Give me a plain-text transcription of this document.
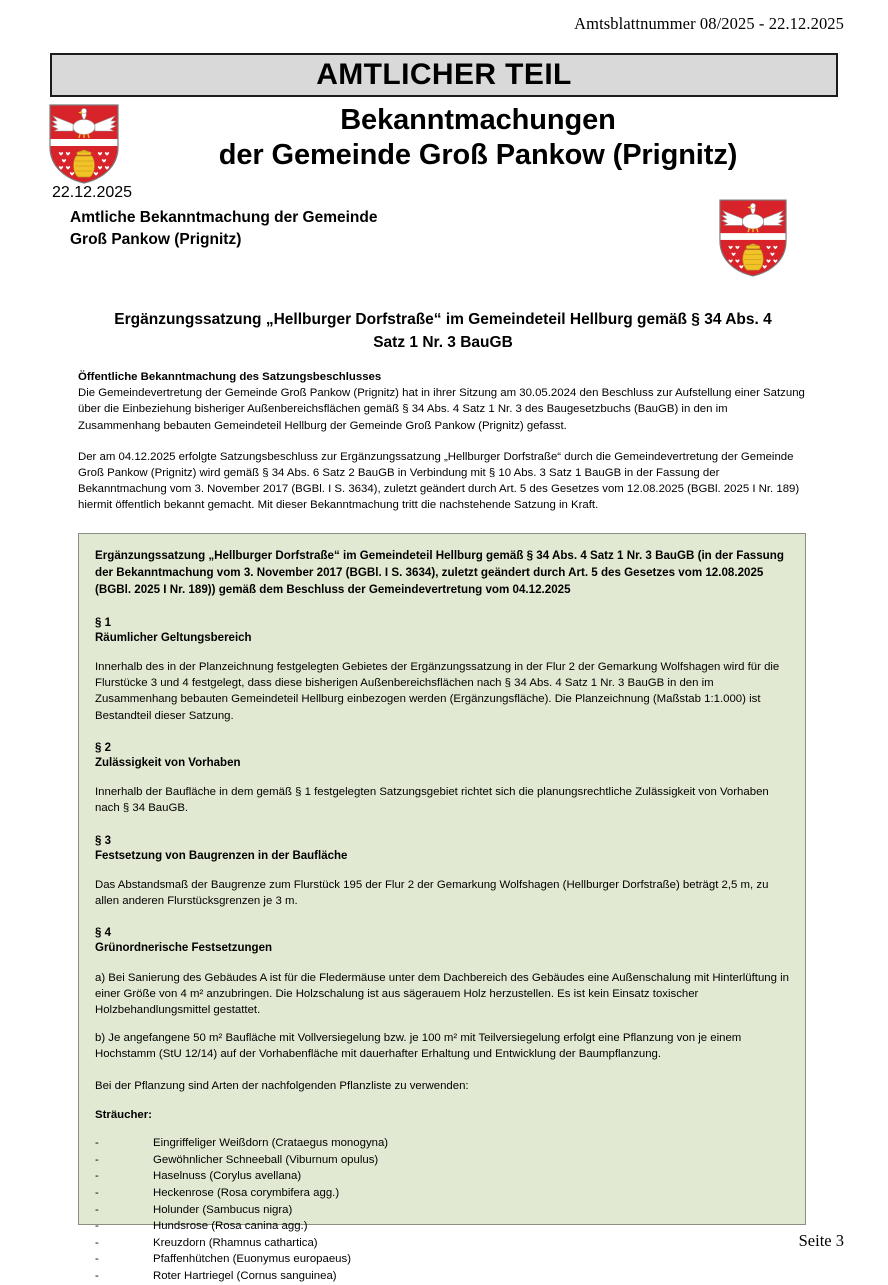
Amtsblattnummer 08/2025 - 22.12.2025
AMTLICHER TEIL
Bekanntmachungen
der Gemeinde Groß Pankow (Prignitz)
22.12.2025
Amtliche Bekanntmachung der Gemeinde
Groß Pankow (Prignitz)
Ergänzungssatzung „Hellburger Dorfstraße“ im Gemeindeteil Hellburg gemäß § 34 Abs. 4
Satz 1 Nr. 3 BauGB
Öffentliche Bekanntmachung des Satzungsbeschlusses

Die Gemeindevertretung der Gemeinde Groß Pankow (Prignitz) hat in ihrer Sitzung am 30.05.2024 den Beschluss zur Aufstellung einer Satzung über die Einbeziehung bisheriger Außenbereichsflächen gemäß § 34 Abs. 4 Satz 1 Nr. 3 des Baugesetzbuchs (BauGB) in den im Zusammenhang bebauten Gemeindeteil Hellburg der Gemeinde Groß Pankow (Prignitz) gefasst.

Der am 04.12.2025 erfolgte Satzungsbeschluss zur Ergänzungssatzung „Hellburger Dorfstraße“ durch die Gemeindevertretung der Gemeinde Groß Pankow (Prignitz) wird gemäß § 34 Abs. 6 Satz 2 BauGB in Verbindung mit § 10 Abs. 3 Satz 1 BauGB in der Fassung der Bekanntmachung vom 3. November 2017 (BGBl. I S. 3634), zuletzt geändert durch Art. 5 des Gesetzes vom 12.08.2025 (BGBl. 2025 I Nr. 189) hiermit öffentlich bekannt gemacht. Mit dieser Bekanntmachung tritt die nachstehende Satzung in Kraft.

Ergänzungssatzung „Hellburger Dorfstraße“ im Gemeindeteil Hellburg gemäß § 34 Abs. 4 Satz 1 Nr. 3 BauGB (in der Fassung der Bekanntmachung vom 3. November 2017 (BGBl. I S. 3634), zuletzt geändert durch Art. 5 des Gesetzes vom 12.08.2025 (BGBl. 2025 I Nr. 189)) gemäß dem Beschluss der Gemeindevertretung vom 04.12.2025
§ 1
Räumlicher Geltungsbereich

Innerhalb des in der Planzeichnung festgelegten Gebietes der Ergänzungssatzung in der Flur 2 der Gemarkung Wolfshagen wird für die Flurstücke 3 und 4 festgelegt, dass diese bisherigen Außenbereichsflächen nach § 34 Abs. 4 Satz 1 Nr. 3 BauGB in den im Zusammenhang bebauten Gemeindeteil Hellburg einbezogen werden (Ergänzungsfläche). Die Planzeichnung (Maßstab 1:1.000) ist Bestandteil dieser Satzung.

§ 2
Zulässigkeit von Vorhaben

Innerhalb der Baufläche in dem gemäß § 1 festgelegten Satzungsgebiet richtet sich die planungsrechtliche Zulässigkeit von Vorhaben nach § 34 BauGB.

§ 3
Festsetzung von Baugrenzen in der Baufläche

Das Abstandsmaß der Baugrenze zum Flurstück 195 der Flur 2 der Gemarkung Wolfshagen (Hellburger Dorfstraße) beträgt 2,5 m, zu allen anderen Flurstücksgrenzen je 3 m.

§ 4
Grünordnerische Festsetzungen

a) Bei Sanierung des Gebäudes A ist für die Fledermäuse unter dem Dachbereich des Gebäudes eine Außenschalung mit Hinterlüftung in einer Größe von 4 m² anzubringen. Die Holzschalung ist aus sägerauem Holz herzustellen. Es ist kein Einsatz toxischer Holzbehandlungsmittel gestattet.

b) Je angefangene 50 m² Baufläche mit Vollversiegelung bzw. je 100 m² mit Teilversiegelung erfolgt eine Pflanzung von je einem Hochstamm (StU 12/14) auf der Vorhabenfläche mit dauerhafter Erhaltung und Entwicklung der Baumpflanzung.

Bei der Pflanzung sind Arten der nachfolgenden Pflanzliste zu verwenden:

Sträucher:
-	Eingriffeliger Weißdorn (Crataegus monogyna)
-	Gewöhnlicher Schneeball (Viburnum opulus)
-	Haselnuss (Corylus avellana)
-	Heckenrose (Rosa corymbifera agg.)
-	Holunder (Sambucus nigra)
-	Hundsrose (Rosa canina agg.)
-	Kreuzdorn (Rhamnus cathartica)
-	Pfaffenhütchen (Euonymus europaeus)
-	Roter Hartriegel (Cornus sanguinea)
Seite 3
